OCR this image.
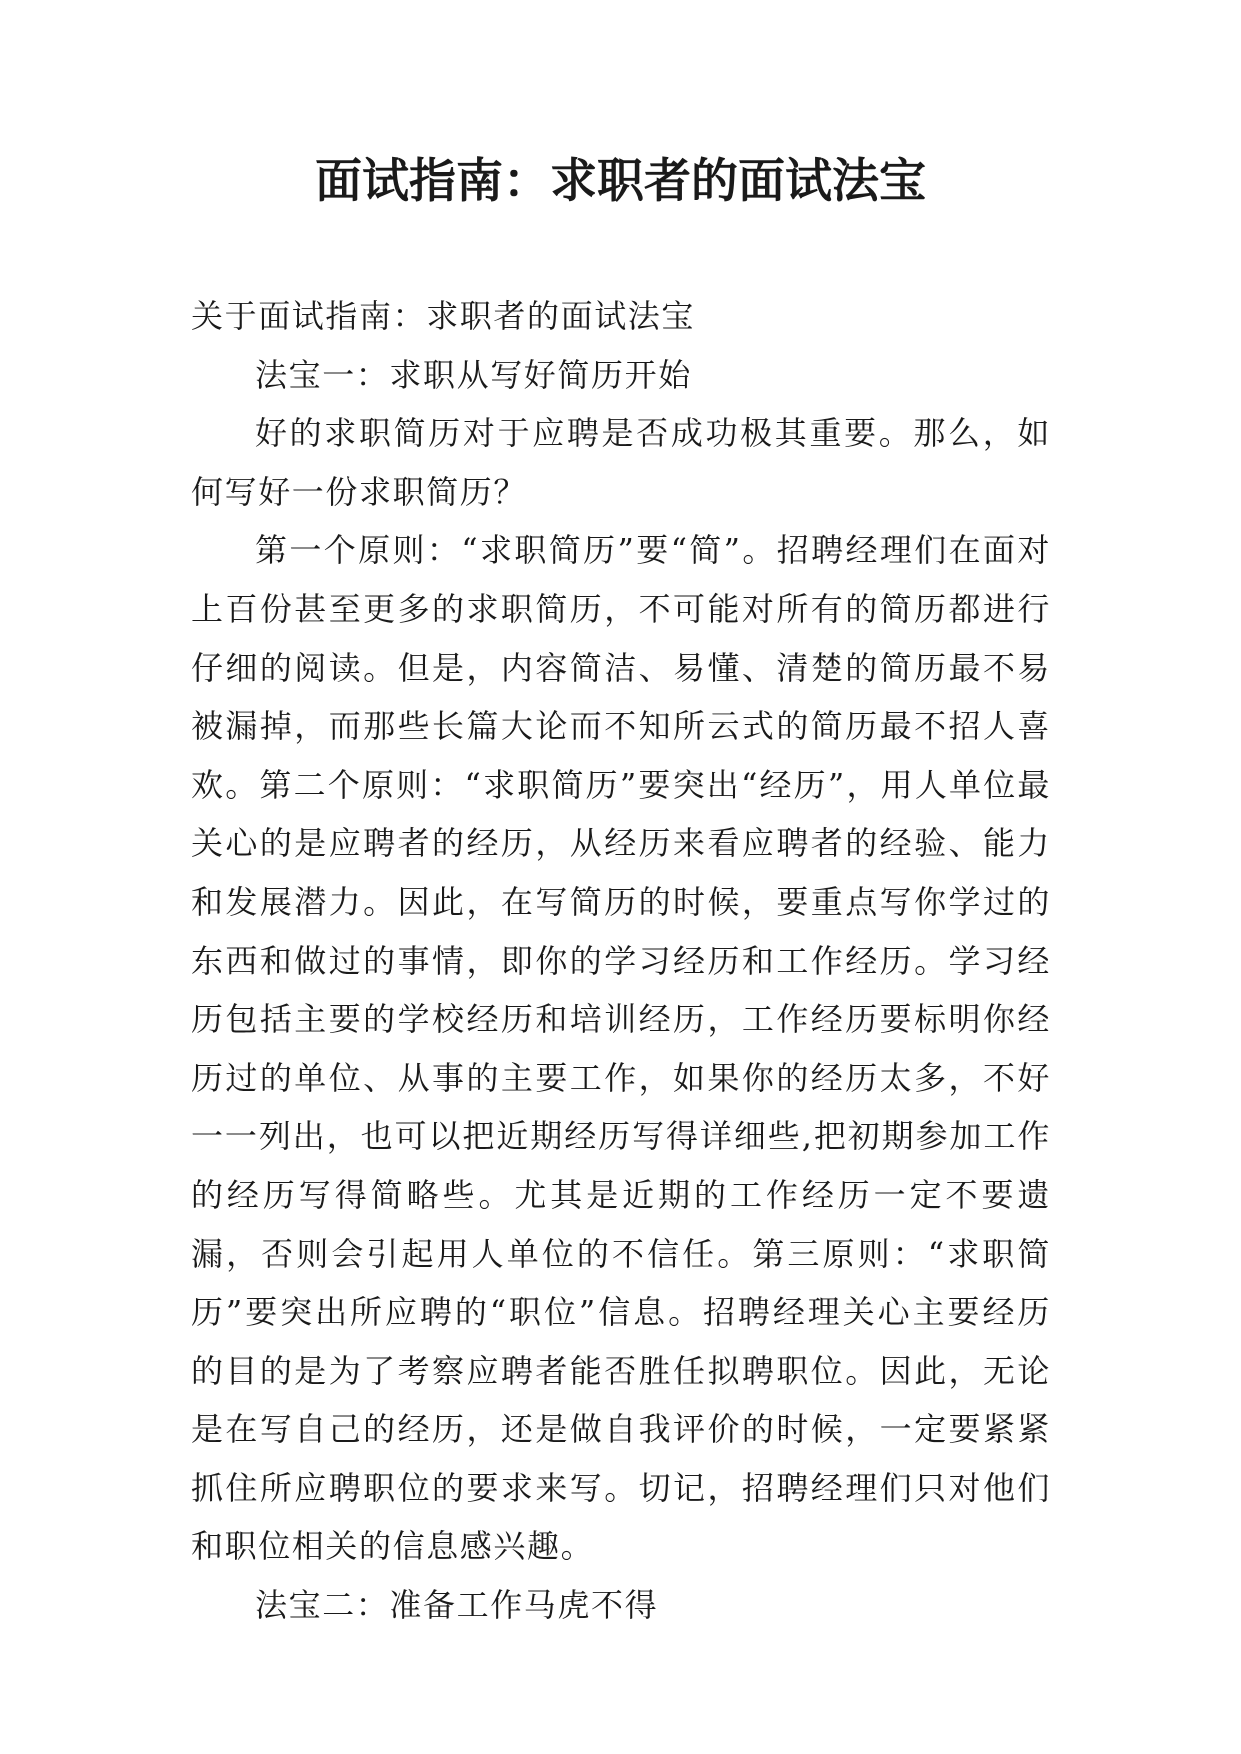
面试指南：求职者的面试法宝

关于面试指南：求职者的面试法宝

法宝一：求职从写好简历开始

好的求职简历对于应聘是否成功极其重要。那么，如何写好一份求职简历？

第一个原则：“求职简历”要“简”。招聘经理们在面对上百份甚至更多的求职简历，不可能对所有的简历都进行仔细的阅读。但是，内容简洁、易懂、清楚的简历最不易被漏掉，而那些长篇大论而不知所云式的简历最不招人喜欢。第二个原则：“求职简历”要突出“经历”，用人单位最关心的是应聘者的经历，从经历来看应聘者的经验、能力和发展潜力。因此，在写简历的时候，要重点写你学过的东西和做过的事情，即你的学习经历和工作经历。学习经历包括主要的学校经历和培训经历，工作经历要标明你经历过的单位、从事的主要工作，如果你的经历太多，不好一一列出，也可以把近期经历写得详细些,把初期参加工作的经历写得简略些。尤其是近期的工作经历一定不要遗漏，否则会引起用人单位的不信任。第三原则：“求职简历”要突出所应聘的“职位”信息。招聘经理关心主要经历的目的是为了考察应聘者能否胜任拟聘职位。因此，无论是在写自己的经历，还是做自我评价的时候，一定要紧紧抓住所应聘职位的要求来写。切记，招聘经理们只对他们和职位相关的信息感兴趣。

法宝二：准备工作马虎不得
